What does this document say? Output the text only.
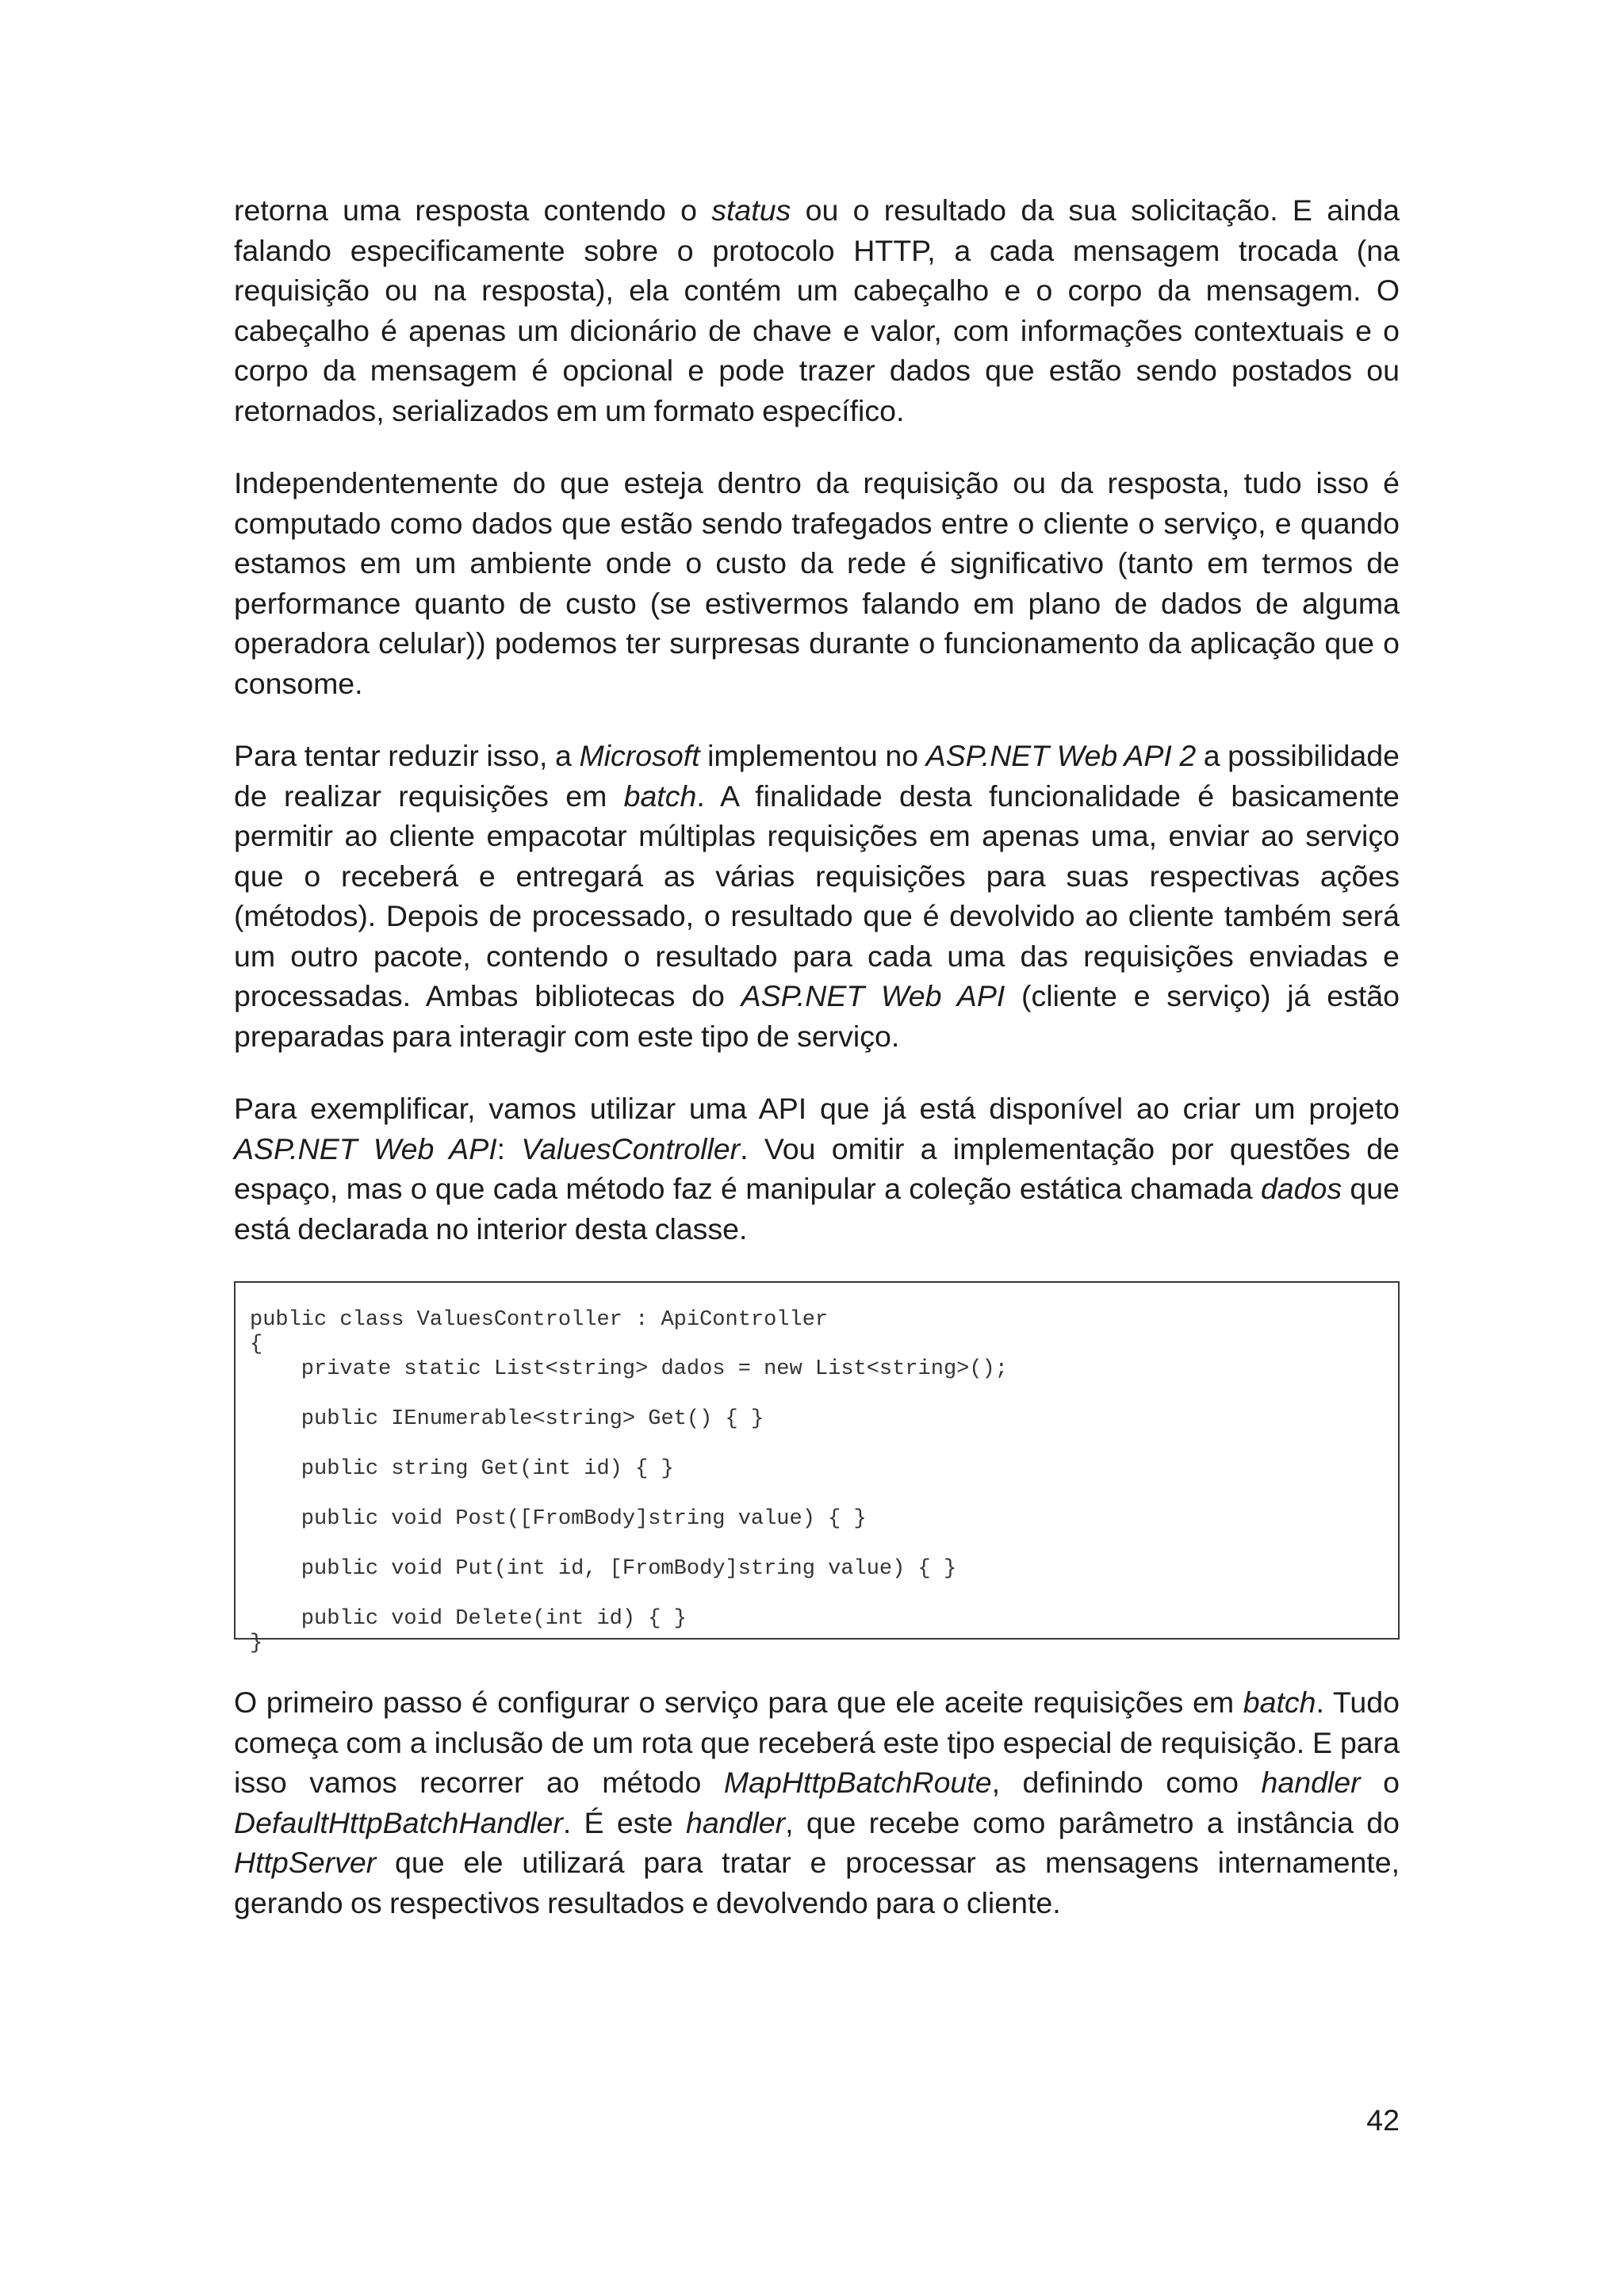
retorna uma resposta contendo o status ou o resultado da sua solicitação. E ainda falando especificamente sobre o protocolo HTTP, a cada mensagem trocada (na requisição ou na resposta), ela contém um cabeçalho e o corpo da mensagem. O cabeçalho é apenas um dicionário de chave e valor, com informações contextuais e o corpo da mensagem é opcional e pode trazer dados que estão sendo postados ou retornados, serializados em um formato específico.

Independentemente do que esteja dentro da requisição ou da resposta, tudo isso é computado como dados que estão sendo trafegados entre o cliente o serviço, e quando estamos em um ambiente onde o custo da rede é significativo (tanto em termos de performance quanto de custo (se estivermos falando em plano de dados de alguma operadora celular)) podemos ter surpresas durante o funcionamento da aplicação que o consome.

Para tentar reduzir isso, a Microsoft implementou no ASP.NET Web API 2 a possibilidade de realizar requisições em batch. A finalidade desta funcionalidade é basicamente permitir ao cliente empacotar múltiplas requisições em apenas uma, enviar ao serviço que o receberá e entregará as várias requisições para suas respectivas ações (métodos). Depois de processado, o resultado que é devolvido ao cliente também será um outro pacote, contendo o resultado para cada uma das requisições enviadas e processadas. Ambas bibliotecas do ASP.NET Web API (cliente e serviço) já estão preparadas para interagir com este tipo de serviço.

Para exemplificar, vamos utilizar uma API que já está disponível ao criar um projeto ASP.NET Web API: ValuesController. Vou omitir a implementação por questões de espaço, mas o que cada método faz é manipular a coleção estática chamada dados que está declarada no interior desta classe.

public class ValuesController : ApiController
{
private static List<string> dados = new List<string>();
public IEnumerable<string> Get() { }
public string Get(int id) { }
public void Post([FromBody]string value) { }
public void Put(int id, [FromBody]string value) { }
public void Delete(int id) { }
}

O primeiro passo é configurar o serviço para que ele aceite requisições em batch. Tudo começa com a inclusão de um rota que receberá este tipo especial de requisição. E para isso vamos recorrer ao método MapHttpBatchRoute, definindo como handler o DefaultHttpBatchHandler. É este handler, que recebe como parâmetro a instância do HttpServer que ele utilizará para tratar e processar as mensagens internamente, gerando os respectivos resultados e devolvendo para o cliente.

42
